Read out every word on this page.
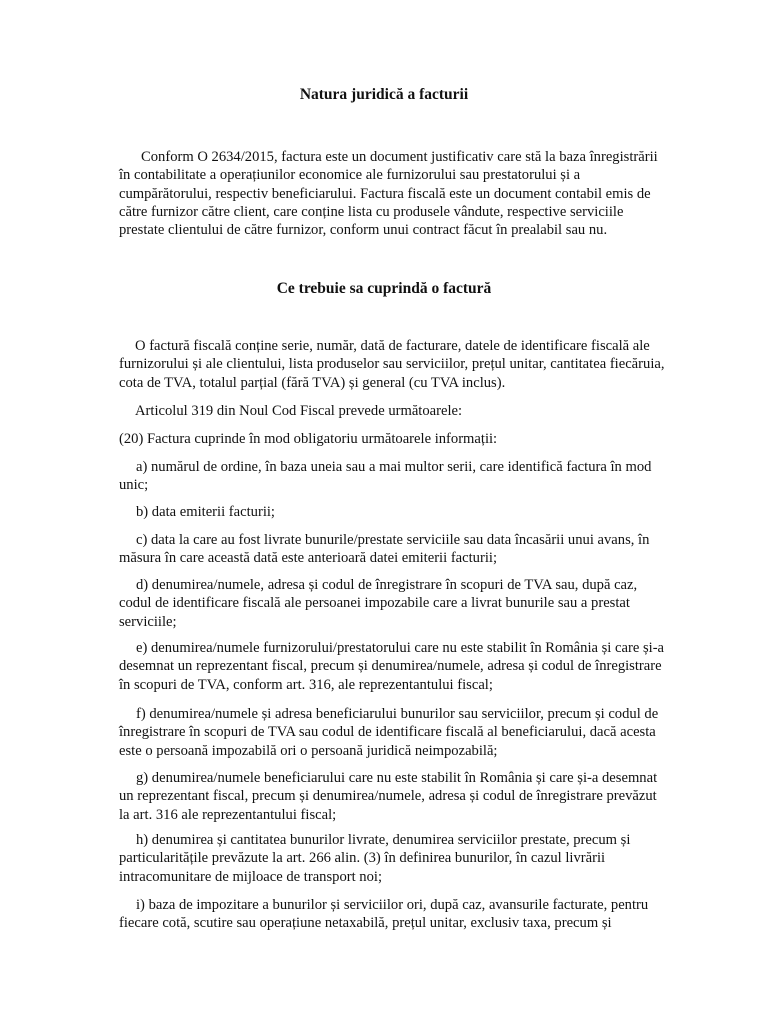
Natura juridică a facturii

Conform O 2634/2015, factura este un document justificativ care stă la baza înregistrării în contabilitate a operațiunilor economice ale furnizorului sau prestatorului și a cumpărătorului, respectiv beneficiarului. Factura fiscală este un document contabil emis de către furnizor către client, care conține lista cu produsele vândute, respective serviciile prestate clientului de către furnizor, conform unui contract făcut în prealabil sau nu.

Ce trebuie sa cuprindă o factură

O factură fiscală conține serie, număr, dată de facturare, datele de identificare fiscală ale furnizorului și ale clientului, lista produselor sau serviciilor, prețul unitar, cantitatea fiecăruia, cota de TVA, totalul parțial (fără TVA) și general (cu TVA inclus).

Articolul 319 din Noul Cod Fiscal prevede următoarele:

(20) Factura cuprinde în mod obligatoriu următoarele informații:

a) numărul de ordine, în baza uneia sau a mai multor serii, care identifică factura în mod unic;

b) data emiterii facturii;

c) data la care au fost livrate bunurile/prestate serviciile sau data încasării unui avans, în măsura în care această dată este anterioară datei emiterii facturii;

d) denumirea/numele, adresa și codul de înregistrare în scopuri de TVA sau, după caz, codul de identificare fiscală ale persoanei impozabile care a livrat bunurile sau a prestat serviciile;

e) denumirea/numele furnizorului/prestatorului care nu este stabilit în România și care și-a desemnat un reprezentant fiscal, precum și denumirea/numele, adresa și codul de înregistrare în scopuri de TVA, conform art. 316, ale reprezentantului fiscal;

f) denumirea/numele și adresa beneficiarului bunurilor sau serviciilor, precum și codul de înregistrare în scopuri de TVA sau codul de identificare fiscală al beneficiarului, dacă acesta este o persoană impozabilă ori o persoană juridică neimpozabilă;

g) denumirea/numele beneficiarului care nu este stabilit în România și care și-a desemnat un reprezentant fiscal, precum și denumirea/numele, adresa și codul de înregistrare prevăzut la art. 316 ale reprezentantului fiscal;

h) denumirea și cantitatea bunurilor livrate, denumirea serviciilor prestate, precum și particularitățile prevăzute la art. 266 alin. (3) în definirea bunurilor, în cazul livrării intracomunitare de mijloace de transport noi;

i) baza de impozitare a bunurilor și serviciilor ori, după caz, avansurile facturate, pentru fiecare cotă, scutire sau operațiune netaxabilă, prețul unitar, exclusiv taxa, precum și
